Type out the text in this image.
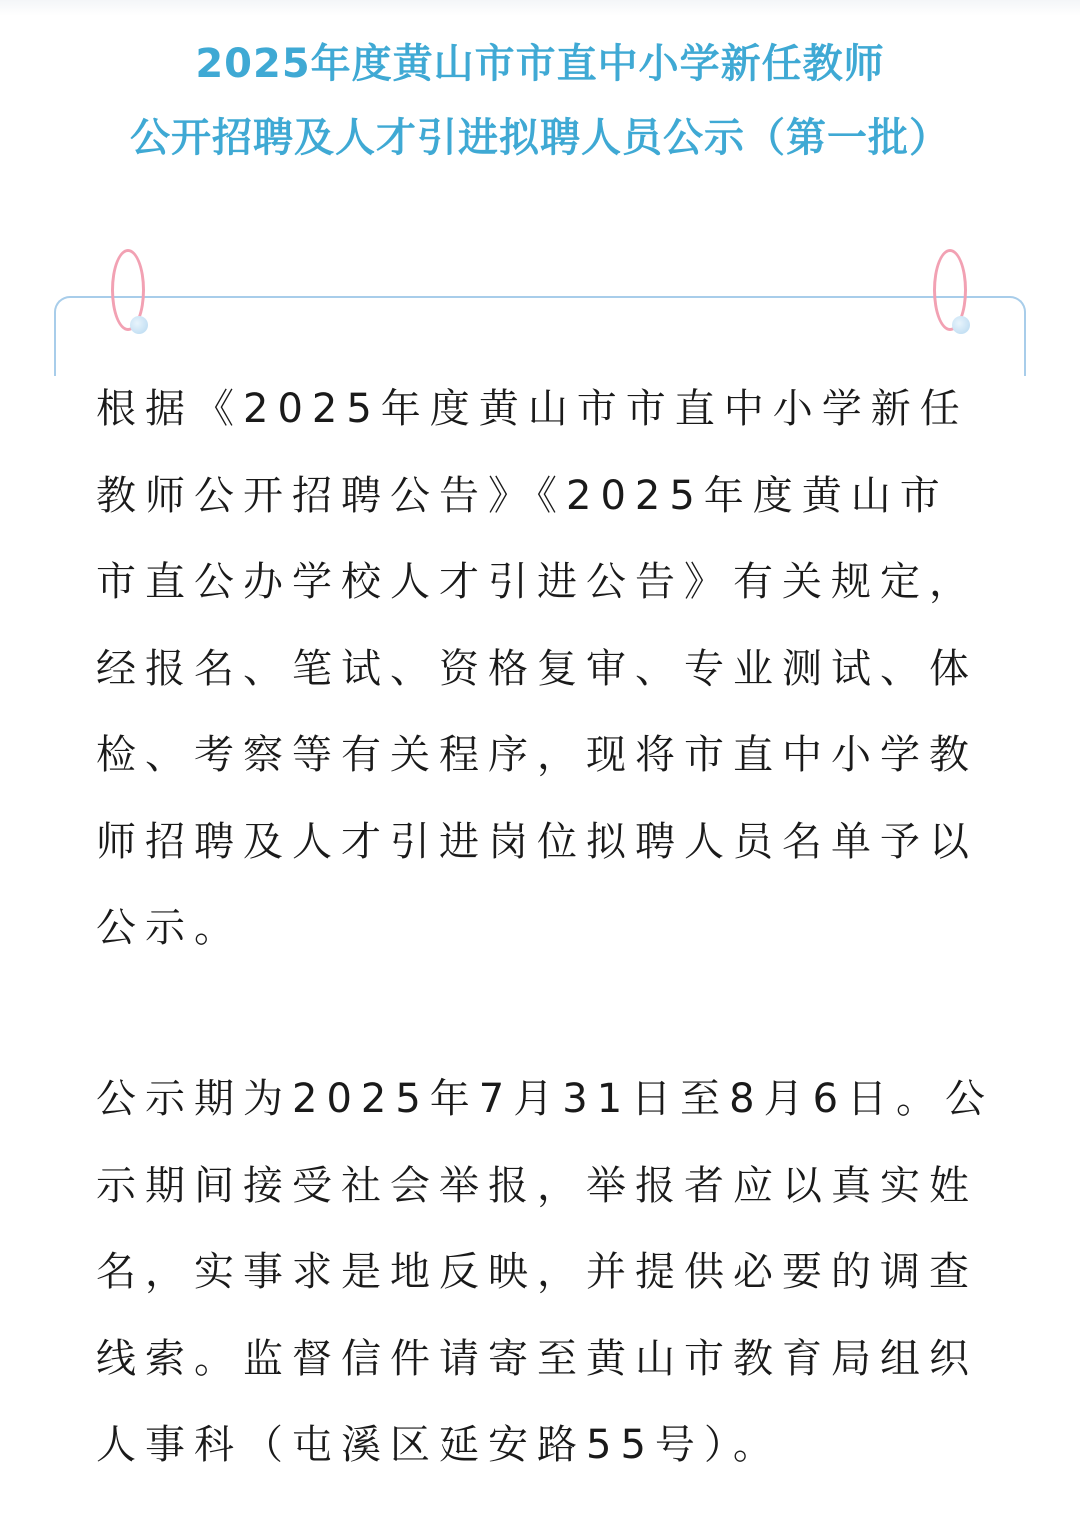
2025年度黄山市市直中小学新任教师
公开招聘及人才引进拟聘人员公示（第一批）
根据《2025年度黄山市市直中小学新任
教师公开招聘公告》《2025年度黄山市
市直公办学校人才引进公告》有关规定，
经报名、笔试、资格复审、专业测试、体
检、考察等有关程序，现将市直中小学教
师招聘及人才引进岗位拟聘人员名单予以
公示。
公示期为2025年7月31日至8月6日。公
示期间接受社会举报，举报者应以真实姓
名，实事求是地反映，并提供必要的调查
线索。监督信件请寄至黄山市教育局组织
人事科（屯溪区延安路55号）。
